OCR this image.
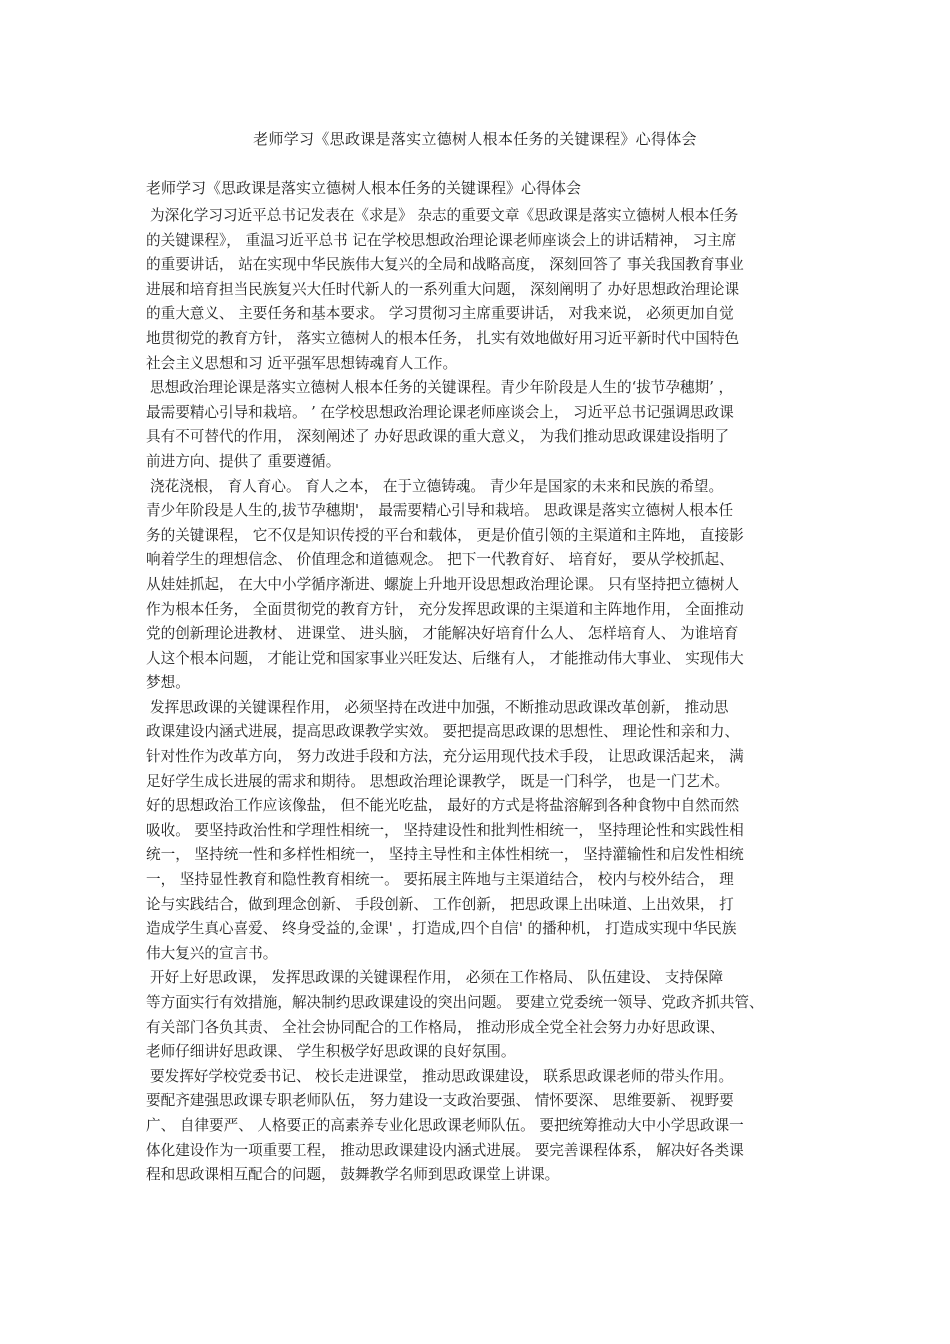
老师学习《思政课是落实立德树人根本任务的关键课程》心得体会
老师学习《思政课是落实立德树人根本任务的关键课程》心得体会
为深化学习习近平总书记发表在《求是》 杂志的重要文章《思政课是落实立德树人根本任务
的关键课程》， 重温习近平总书 记在学校思想政治理论课老师座谈会上的讲话精神， 习主席
的重要讲话， 站在实现中华民族伟大复兴的全局和战略高度， 深刻回答了 事关我国教育事业
进展和培育担当民族复兴大任时代新人的一系列重大问题， 深刻阐明了 办好思想政治理论课
的重大意义、 主要任务和基本要求。 学习贯彻习主席重要讲话， 对我来说， 必须更加自觉
地贯彻党的教育方针， 落实立德树人的根本任务， 扎实有效地做好用习近平新时代中国特色
社会主义思想和习 近平强军思想铸魂育人工作。
思想政治理论课是落实立德树人根本任务的关键课程。青少年阶段是人生的‘拔节孕穗期’ ，
最需要精心引导和栽培。 ’ 在学校思想政治理论课老师座谈会上， 习近平总书记强调思政课
具有不可替代的作用， 深刻阐述了 办好思政课的重大意义， 为我们推动思政课建设指明了
前进方向、提供了 重要遵循。
浇花浇根， 育人育心。 育人之本， 在于立德铸魂。 青少年是国家的未来和民族的希望。
青少年阶段是人生的,拔节孕穗期'， 最需要精心引导和栽培。 思政课是落实立德树人根本任
务的关键课程， 它不仅是知识传授的平台和载体， 更是价值引领的主渠道和主阵地， 直接影
响着学生的理想信念、 价值理念和道德观念。 把下一代教育好、 培育好， 要从学校抓起、
从娃娃抓起， 在大中小学循序渐进、螺旋上升地开设思想政治理论课。 只有坚持把立德树人
作为根本任务， 全面贯彻党的教育方针， 充分发挥思政课的主渠道和主阵地作用， 全面推动
党的创新理论进教材、 进课堂、 进头脑， 才能解决好培育什么人、 怎样培育人、 为谁培育
人这个根本问题， 才能让党和国家事业兴旺发达、后继有人， 才能推动伟大事业、 实现伟大
梦想。
发挥思政课的关键课程作用， 必须坚持在改进中加强，不断推动思政课改革创新， 推动思
政课建设内涵式进展，提高思政课教学实效。 要把提高思政课的思想性、 理论性和亲和力、
针对性作为改革方向， 努力改进手段和方法，充分运用现代技术手段， 让思政课活起来， 满
足好学生成长进展的需求和期待。 思想政治理论课教学， 既是一门科学， 也是一门艺术。
好的思想政治工作应该像盐， 但不能光吃盐， 最好的方式是将盐溶解到各种食物中自然而然
吸收。 要坚持政治性和学理性相统一， 坚持建设性和批判性相统一， 坚持理论性和实践性相
统一， 坚持统一性和多样性相统一， 坚持主导性和主体性相统一， 坚持灌输性和启发性相统
一， 坚持显性教育和隐性教育相统一。 要拓展主阵地与主渠道结合， 校内与校外结合， 理
论与实践结合，做到理念创新、 手段创新、 工作创新， 把思政课上出味道、上出效果， 打
造成学生真心喜爱、 终身受益的,金课' ，打造成,四个自信' 的播种机， 打造成实现中华民族
伟大复兴的宣言书。
开好上好思政课， 发挥思政课的关键课程作用， 必须在工作格局、 队伍建设、 支持保障
等方面实行有效措施，解决制约思政课建设的突出问题。 要建立党委统一领导、党政齐抓共管、
有关部门各负其责、 全社会协同配合的工作格局， 推动形成全党全社会努力办好思政课、
老师仔细讲好思政课、 学生积极学好思政课的良好氛围。
要发挥好学校党委书记、 校长走进课堂， 推动思政课建设， 联系思政课老师的带头作用。
要配齐建强思政课专职老师队伍， 努力建设一支政治要强、 情怀要深、 思维要新、 视野要
广、 自律要严、 人格要正的高素养专业化思政课老师队伍。 要把统筹推动大中小学思政课一
体化建设作为一项重要工程， 推动思政课建设内涵式进展。 要完善课程体系， 解决好各类课
程和思政课相互配合的问题， 鼓舞教学名师到思政课堂上讲课。
